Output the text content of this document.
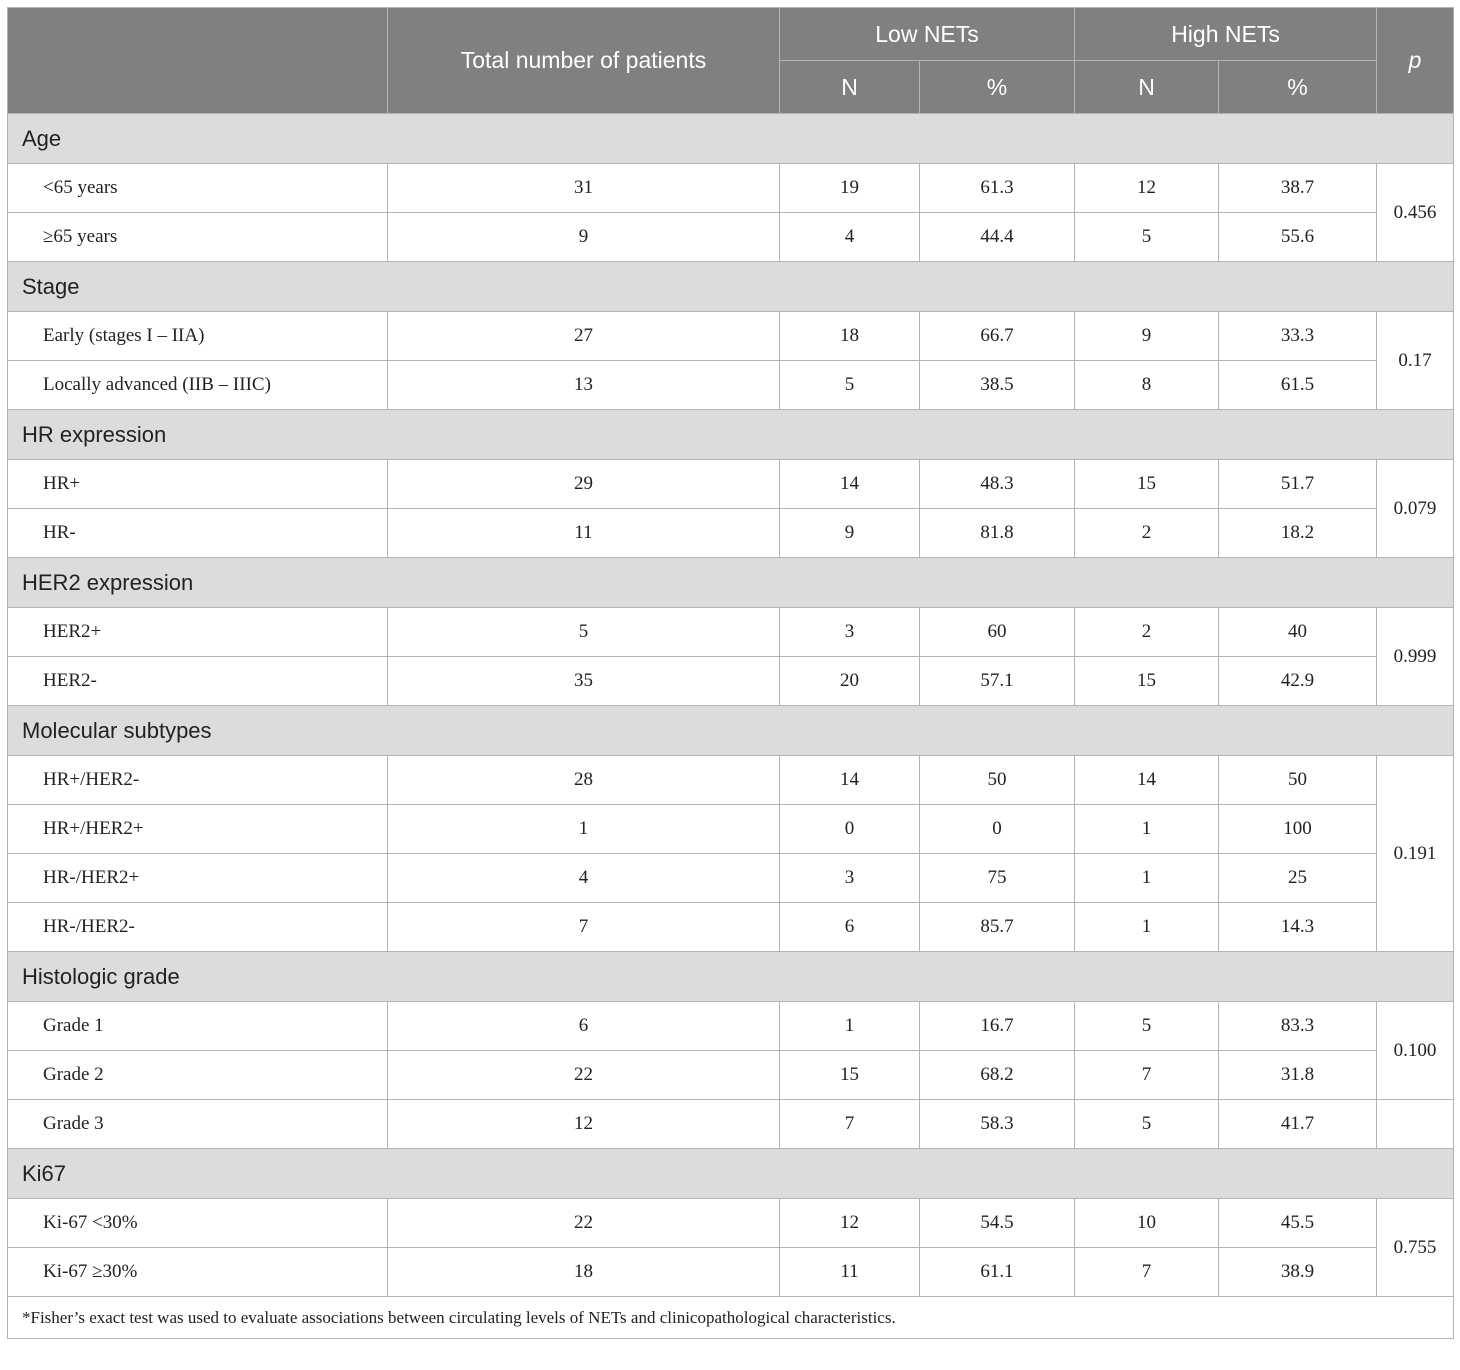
	Total number of patients	Low NETs		High NETs		p
		N	%	N	%	
Age						
<65 years	31	19	61.3	12	38.7	0.456
≥65 years	9	4	44.4	5	55.6	
Stage						
Early (stages I – IIA)	27	18	66.7	9	33.3	0.17
Locally advanced (IIB – IIIC)	13	5	38.5	8	61.5	
HR expression						
HR+	29	14	48.3	15	51.7	0.079
HR-	11	9	81.8	2	18.2	
HER2 expression						
HER2+	5	3	60	2	40	0.999
HER2-	35	20	57.1	15	42.9	
Molecular subtypes						
HR+/HER2-	28	14	50	14	50	0.191
HR+/HER2+	1	0	0	1	100	
HR-/HER2+	4	3	75	1	25	
HR-/HER2-	7	6	85.7	1	14.3	
Histologic grade						
Grade 1	6	1	16.7	5	83.3	0.100
Grade 2	22	15	68.2	7	31.8	
Grade 3	12	7	58.3	5	41.7	
Ki67						
Ki-67 <30%	22	12	54.5	10	45.5	0.755
Ki-67 ≥30%	18	11	61.1	7	38.9	
*Fisher’s exact test was used to evaluate associations between circulating levels of NETs and clinicopathological characteristics.						
